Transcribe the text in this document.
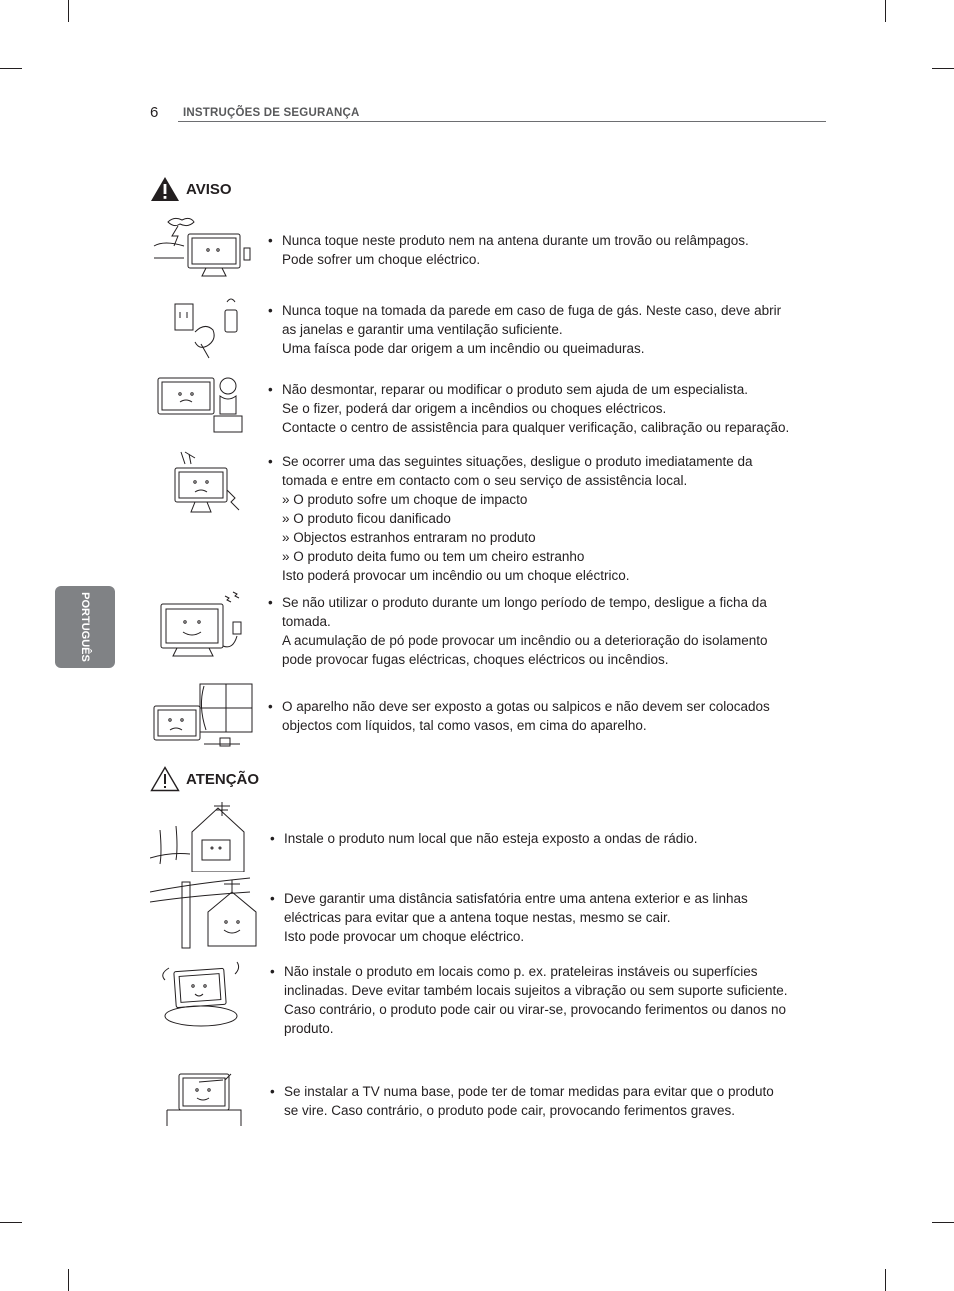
6 INSTRUÇÕES DE SEGURANÇA
PORTUGUÊS
AVISO
ATENÇÃO
• Nunca toque neste produto nem na antena durante um trovão ou relâmpagos.
Pode sofrer um choque eléctrico.
• Nunca toque na tomada da parede em caso de fuga de gás. Neste caso, deve abrir
as janelas e garantir uma ventilação suficiente.
Uma faísca pode dar origem a um incêndio ou queimaduras.
• Não desmontar, reparar ou modificar o produto sem ajuda de um especialista.
Se o fizer, poderá dar origem a incêndios ou choques eléctricos.
Contacte o centro de assistência para qualquer verificação, calibração ou reparação.
• Se ocorrer uma das seguintes situações, desligue o produto imediatamente da
tomada e entre em contacto com o seu serviço de assistência local.
» O produto sofre um choque de impacto
» O produto ficou danificado
» Objectos estranhos entraram no produto
» O produto deita fumo ou tem um cheiro estranho
Isto poderá provocar um incêndio ou um choque eléctrico.
• Se não utilizar o produto durante um longo período de tempo, desligue a ficha da
tomada.
A acumulação de pó pode provocar um incêndio ou a deterioração do isolamento
pode provocar fugas eléctricas, choques eléctricos ou incêndios.
• O aparelho não deve ser exposto a gotas ou salpicos e não devem ser colocados
objectos com líquidos, tal como vasos, em cima do aparelho.
• Instale o produto num local que não esteja exposto a ondas de rádio.
• Deve garantir uma distância satisfatória entre uma antena exterior e as linhas
eléctricas para evitar que a antena toque nestas, mesmo se cair.
Isto pode provocar um choque eléctrico.
• Não instale o produto em locais como p. ex. prateleiras instáveis ou superfícies
inclinadas. Deve evitar também locais sujeitos a vibração ou sem suporte suficiente.
Caso contrário, o produto pode cair ou virar-se, provocando ferimentos ou danos no
produto.
• Se instalar a TV numa base, pode ter de tomar medidas para evitar que o produto
se vire. Caso contrário, o produto pode cair, provocando ferimentos graves.
